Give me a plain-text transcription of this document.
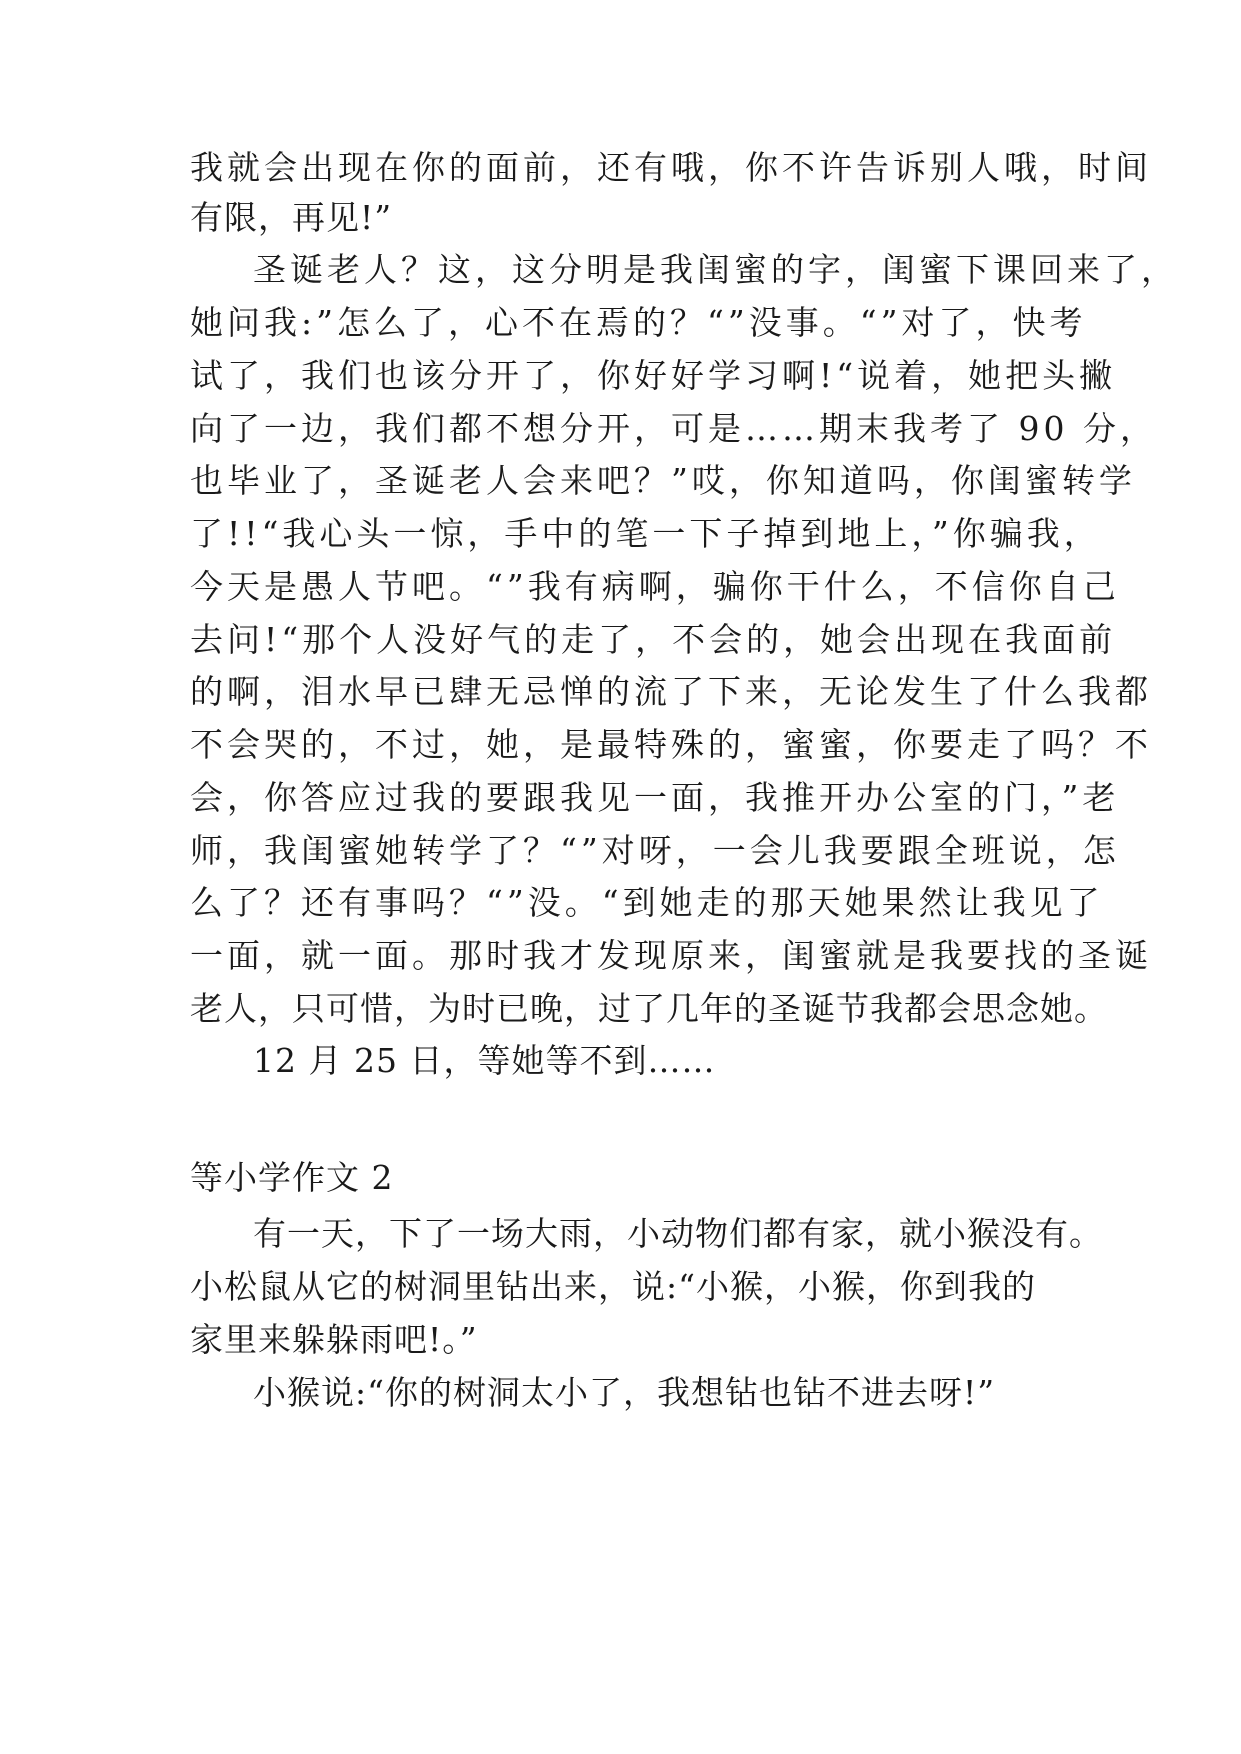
我就会出现在你的面前，还有哦，你不许告诉别人哦，时间
有限，再见!”
圣诞老人？这，这分明是我闺蜜的字，闺蜜下课回来了，
她问我:”怎么了，心不在焉的？“”没事。“”对了，快考
试了，我们也该分开了，你好好学习啊!“说着，她把头撇
向了一边，我们都不想分开，可是……期末我考了 90 分，
也毕业了，圣诞老人会来吧？”哎，你知道吗，你闺蜜转学
了!!“我心头一惊，手中的笔一下子掉到地上，”你骗我，
今天是愚人节吧。“”我有病啊，骗你干什么，不信你自己
去问!“那个人没好气的走了，不会的，她会出现在我面前
的啊，泪水早已肆无忌惮的流了下来，无论发生了什么我都
不会哭的，不过，她，是最特殊的，蜜蜜，你要走了吗？不
会，你答应过我的要跟我见一面，我推开办公室的门，”老
师，我闺蜜她转学了？“”对呀，一会儿我要跟全班说，怎
么了？还有事吗？“”没。“到她走的那天她果然让我见了
一面，就一面。那时我才发现原来，闺蜜就是我要找的圣诞
老人，只可惜，为时已晚，过了几年的圣诞节我都会思念她。
12 月 25 日，等她等不到……
等小学作文 2
有一天，下了一场大雨，小动物们都有家，就小猴没有。
小松鼠从它的树洞里钻出来，说:“小猴，小猴，你到我的
家里来躲躲雨吧!。”
小猴说:“你的树洞太小了，我想钻也钻不进去呀!”
